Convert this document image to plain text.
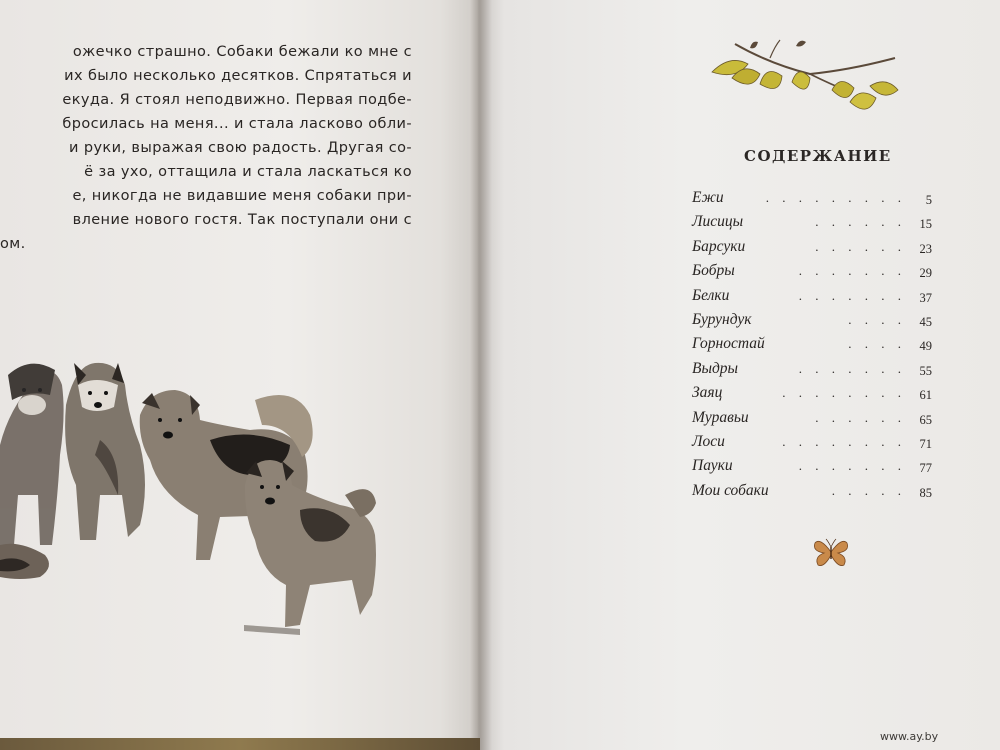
ожечко страшно. Собаки бежали ко мне с
их было несколько десятков. Спрятаться и
екуда. Я стоял неподвижно. Первая подбе-
бросилась на меня... и стала ласково обли-
и руки, выражая свою радость. Другая со-
ё за ухо, оттащила и стала ласкаться ко
е, никогда не видавшие меня собаки при-
вление нового гостя. Так поступали они с
ом.
СОДЕРЖАНИЕ
Ежи	. . . . . . . . . 5
Лисицы	. . . . . . 15
Барсуки	. . . . . . 23
Бобры	. . . . . . . 29
Белки	. . . . . . . 37
Бурундук	. . . . 45
Горностай	. . . . 49
Выдры	. . . . . . . 55
Заяц	. . . . . . . . 61
Муравьи	. . . . . . 65
Лоси	. . . . . . . . 71
Пауки	. . . . . . . 77
Мои собаки	. . . . . 85
www.ay.by
